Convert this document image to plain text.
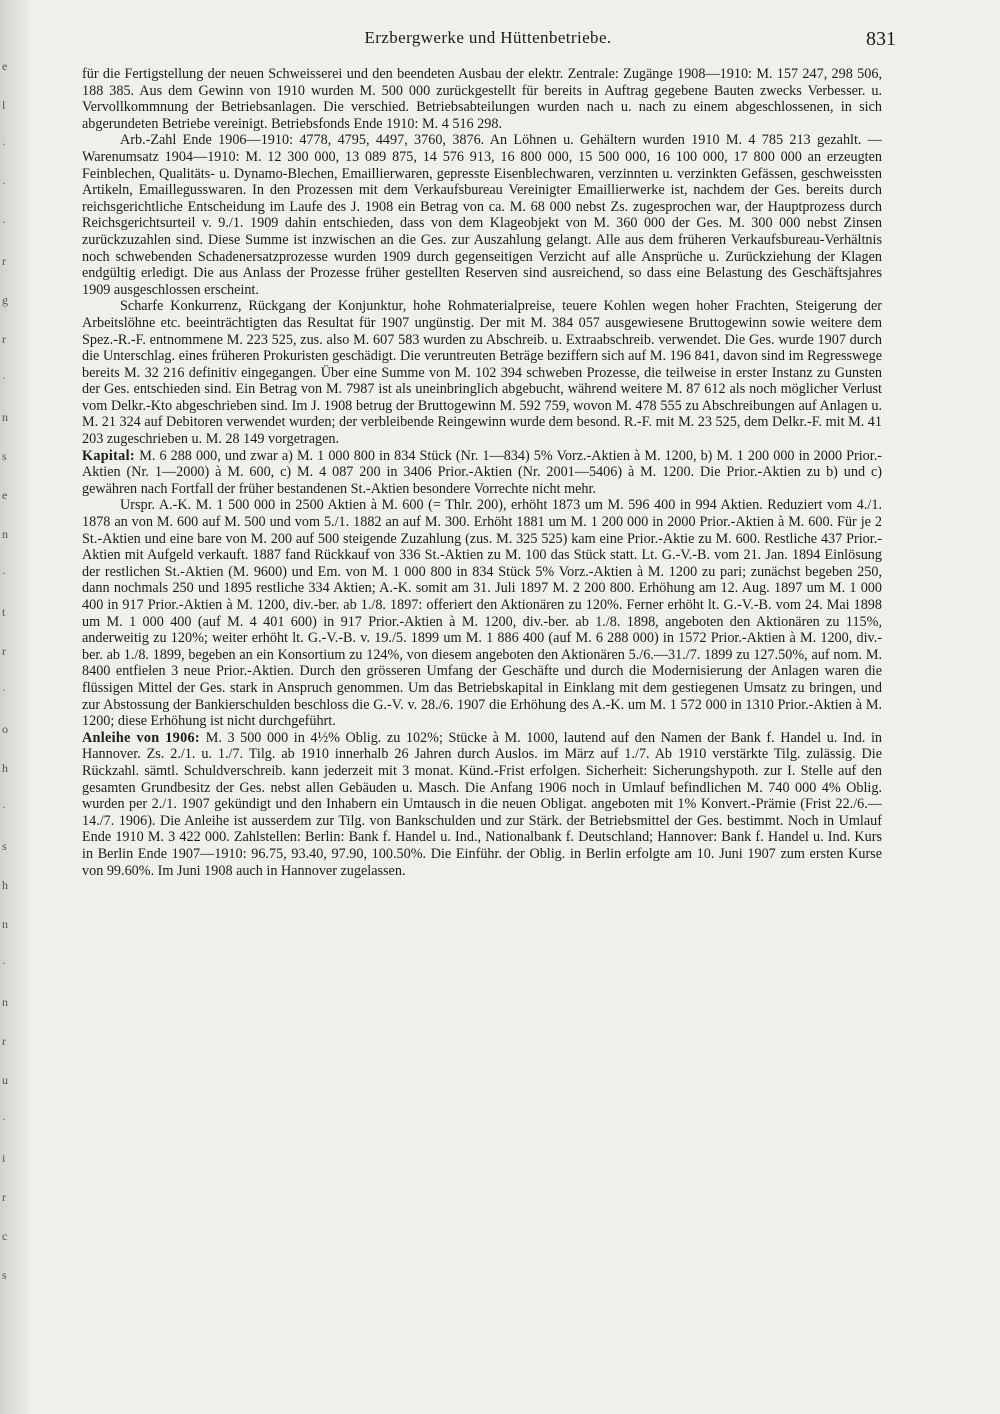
e
l
·
·
·
r
g
r
·
n
s
e
n
·
t
r
·
o
h
·
s
h
n
·
n
r
u
·
i
r
c
s
Erzbergwerke und Hüttenbetriebe.	831

für die Fertigstellung der neuen Schweisserei und den beendeten Ausbau der elektr. Zentrale: Zugänge 1908—1910: M. 157 247, 298 506, 188 385. Aus dem Gewinn von 1910 wurden M. 500 000 zurückgestellt für bereits in Auftrag gegebene Bauten zwecks Verbesser. u. Vervollkommnung der Betriebsanlagen. Die verschied. Betriebsabteilungen wurden nach u. nach zu einem abgeschlossenen, in sich abgerundeten Betriebe vereinigt. Betriebsfonds Ende 1910: M. 4 516 298.

Arb.-Zahl Ende 1906—1910: 4778, 4795, 4497, 3760, 3876. An Löhnen u. Gehältern wurden 1910 M. 4 785 213 gezahlt. — Warenumsatz 1904—1910: M. 12 300 000, 13 089 875, 14 576 913, 16 800 000, 15 500 000, 16 100 000, 17 800 000 an erzeugten Feinblechen, Qualitäts- u. Dynamo-Blechen, Emaillierwaren, gepresste Eisenblechwaren, verzinnten u. verzinkten Gefässen, geschweissten Artikeln, Emaillegusswaren. In den Prozessen mit dem Verkaufsbureau Vereinigter Emaillierwerke ist, nachdem der Ges. bereits durch reichsgerichtliche Entscheidung im Laufe des J. 1908 ein Betrag von ca. M. 68 000 nebst Zs. zugesprochen war, der Hauptprozess durch Reichsgerichtsurteil v. 9./1. 1909 dahin entschieden, dass von dem Klageobjekt von M. 360 000 der Ges. M. 300 000 nebst Zinsen zurückzuzahlen sind. Diese Summe ist inzwischen an die Ges. zur Auszahlung gelangt. Alle aus dem früheren Verkaufsbureau-Verhältnis noch schwebenden Schadenersatzprozesse wurden 1909 durch gegenseitigen Verzicht auf alle Ansprüche u. Zurückziehung der Klagen endgültig erledigt. Die aus Anlass der Prozesse früher gestellten Reserven sind ausreichend, so dass eine Belastung des Geschäftsjahres 1909 ausgeschlossen erscheint.

Scharfe Konkurrenz, Rückgang der Konjunktur, hohe Rohmaterialpreise, teuere Kohlen wegen hoher Frachten, Steigerung der Arbeitslöhne etc. beeinträchtigten das Resultat für 1907 ungünstig. Der mit M. 384 057 ausgewiesene Bruttogewinn sowie weitere dem Spez.-R.-F. entnommene M. 223 525, zus. also M. 607 583 wurden zu Abschreib. u. Extraabschreib. verwendet. Die Ges. wurde 1907 durch die Unterschlag. eines früheren Prokuristen geschädigt. Die veruntreuten Beträge beziffern sich auf M. 196 841, davon sind im Regresswege bereits M. 32 216 definitiv eingegangen. Über eine Summe von M. 102 394 schweben Prozesse, die teilweise in erster Instanz zu Gunsten der Ges. entschieden sind. Ein Betrag von M. 7987 ist als uneinbringlich abgebucht, während weitere M. 87 612 als noch möglicher Verlust vom Delkr.-Kto abgeschrieben sind. Im J. 1908 betrug der Bruttogewinn M. 592 759, wovon M. 478 555 zu Abschreibungen auf Anlagen u. M. 21 324 auf Debitoren verwendet wurden; der verbleibende Reingewinn wurde dem besond. R.-F. mit M. 23 525, dem Delkr.-F. mit M. 41 203 zugeschrieben u. M. 28 149 vorgetragen.

Kapital: M. 6 288 000, und zwar a) M. 1 000 800 in 834 Stück (Nr. 1—834) 5% Vorz.-Aktien à M. 1200, b) M. 1 200 000 in 2000 Prior.-Aktien (Nr. 1—2000) à M. 600, c) M. 4 087 200 in 3406 Prior.-Aktien (Nr. 2001—5406) à M. 1200. Die Prior.-Aktien zu b) und c) gewähren nach Fortfall der früher bestandenen St.-Aktien besondere Vorrechte nicht mehr.

Urspr. A.-K. M. 1 500 000 in 2500 Aktien à M. 600 (= Thlr. 200), erhöht 1873 um M. 596 400 in 994 Aktien. Reduziert vom 4./1. 1878 an von M. 600 auf M. 500 und vom 5./1. 1882 an auf M. 300. Erhöht 1881 um M. 1 200 000 in 2000 Prior.-Aktien à M. 600. Für je 2 St.-Aktien und eine bare von M. 200 auf 500 steigende Zuzahlung (zus. M. 325 525) kam eine Prior.-Aktie zu M. 600. Restliche 437 Prior.-Aktien mit Aufgeld verkauft. 1887 fand Rückkauf von 336 St.-Aktien zu M. 100 das Stück statt. Lt. G.-V.-B. vom 21. Jan. 1894 Einlösung der restlichen St.-Aktien (M. 9600) und Em. von M. 1 000 800 in 834 Stück 5% Vorz.-Aktien à M. 1200 zu pari; zunächst begeben 250, dann nochmals 250 und 1895 restliche 334 Aktien; A.-K. somit am 31. Juli 1897 M. 2 200 800. Erhöhung am 12. Aug. 1897 um M. 1 000 400 in 917 Prior.-Aktien à M. 1200, div.-ber. ab 1./8. 1897: offeriert den Aktionären zu 120%. Ferner erhöht lt. G.-V.-B. vom 24. Mai 1898 um M. 1 000 400 (auf M. 4 401 600) in 917 Prior.-Aktien à M. 1200, div.-ber. ab 1./8. 1898, angeboten den Aktionären zu 115%, anderweitig zu 120%; weiter erhöht lt. G.-V.-B. v. 19./5. 1899 um M. 1 886 400 (auf M. 6 288 000) in 1572 Prior.-Aktien à M. 1200, div.-ber. ab 1./8. 1899, begeben an ein Konsortium zu 124%, von diesem angeboten den Aktionären 5./6.—31./7. 1899 zu 127.50%, auf nom. M. 8400 entfielen 3 neue Prior.-Aktien. Durch den grösseren Umfang der Geschäfte und durch die Modernisierung der Anlagen waren die flüssigen Mittel der Ges. stark in Anspruch genommen. Um das Betriebskapital in Einklang mit dem gestiegenen Umsatz zu bringen, und zur Abstossung der Bankierschulden beschloss die G.-V. v. 28./6. 1907 die Erhöhung des A.-K. um M. 1 572 000 in 1310 Prior.-Aktien à M. 1200; diese Erhöhung ist nicht durchgeführt.

Anleihe von 1906: M. 3 500 000 in 4½% Oblig. zu 102%; Stücke à M. 1000, lautend auf den Namen der Bank f. Handel u. Ind. in Hannover. Zs. 2./1. u. 1./7. Tilg. ab 1910 innerhalb 26 Jahren durch Auslos. im März auf 1./7. Ab 1910 verstärkte Tilg. zulässig. Die Rückzahl. sämtl. Schuldverschreib. kann jederzeit mit 3 monat. Künd.-Frist erfolgen. Sicherheit: Sicherungshypoth. zur I. Stelle auf den gesamten Grundbesitz der Ges. nebst allen Gebäuden u. Masch. Die Anfang 1906 noch in Umlauf befindlichen M. 740 000 4% Oblig. wurden per 2./1. 1907 gekündigt und den Inhabern ein Umtausch in die neuen Obligat. angeboten mit 1% Konvert.-Prämie (Frist 22./6.—14./7. 1906). Die Anleihe ist ausserdem zur Tilg. von Bankschulden und zur Stärk. der Betriebsmittel der Ges. bestimmt. Noch in Umlauf Ende 1910 M. 3 422 000. Zahlstellen: Berlin: Bank f. Handel u. Ind., Nationalbank f. Deutschland; Hannover: Bank f. Handel u. Ind. Kurs in Berlin Ende 1907—1910: 96.75, 93.40, 97.90, 100.50%. Die Einführ. der Oblig. in Berlin erfolgte am 10. Juni 1907 zum ersten Kurse von 99.60%. Im Juni 1908 auch in Hannover zugelassen.
